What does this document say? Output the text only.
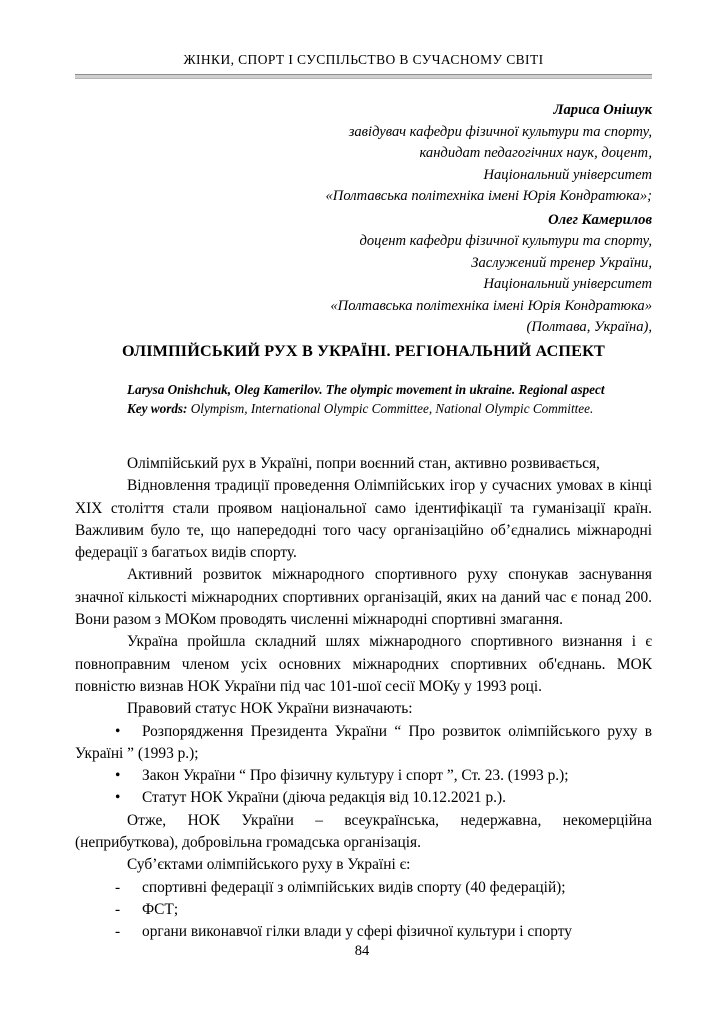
ЖІНКИ, СПОРТ І СУСПІЛЬСТВО В СУЧАСНОМУ СВІТІ
Лариса Онішук
завідувач кафедри фізичної культури та спорту,
кандидат педагогічних наук, доцент,
Національний університет
«Полтавська політехніка імені Юрія Кондратюка»;
Олег Камерилов
доцент кафедри фізичної культури та спорту,
Заслужений тренер України,
Національний університет
«Полтавська політехніка імені Юрія Кондратюка»
(Полтава, Україна),
ОЛІМПІЙСЬКИЙ РУХ В УКРАЇНІ. РЕГІОНАЛЬНИЙ АСПЕКТ

Larysa Onishchuk, Oleg Kamerilov. The olympic movement in ukraine. Regional aspect

Key words: Olympism, International Olympic Committee, National Olympic Committee.

Олімпійський рух в Україні, попри воєнний стан, активно розвивається,

Відновлення традиції проведення Олімпійських ігор у сучасних умовах в кінці XIX століття стали проявом національної само ідентифікації та гуманізації країн. Важливим було те, що напередодні того часу організаційно об’єднались міжнародні федерації з багатьох видів спорту.

Активний розвиток міжнародного спортивного руху спонукав заснування значної кількості міжнародних спортивних організацій, яких на даний час є понад 200. Вони разом з МОКом проводять численні міжнародні спортивні змагання.

Україна пройшла складний шлях міжнародного спортивного визнання і є повноправним членом усіх основних міжнародних спортивних об'єднань. МОК повністю визнав НОК України під час 101-шої сесії МОКу у 1993 році.

Правовий статус НОК України визначають:

•	Розпорядження Президента України “ Про розвиток олімпійського руху в Україні ” (1993 р.);
•	Закон України “ Про фізичну культуру і спорт ”, Ст. 23. (1993 р.);
•	Статут НОК України (діюча редакція від 10.12.2021 р.).

Отже, НОК України – всеукраїнська, недержавна, некомерційна (неприбуткова), добровільна громадська організація.

Суб’єктами олімпійського руху в Україні є:

-	спортивні федерації з олімпійських видів спорту (40 федерацій);
-	ФСТ;
-	органи виконавчої гілки влади у сфері фізичної культури і спорту
84
